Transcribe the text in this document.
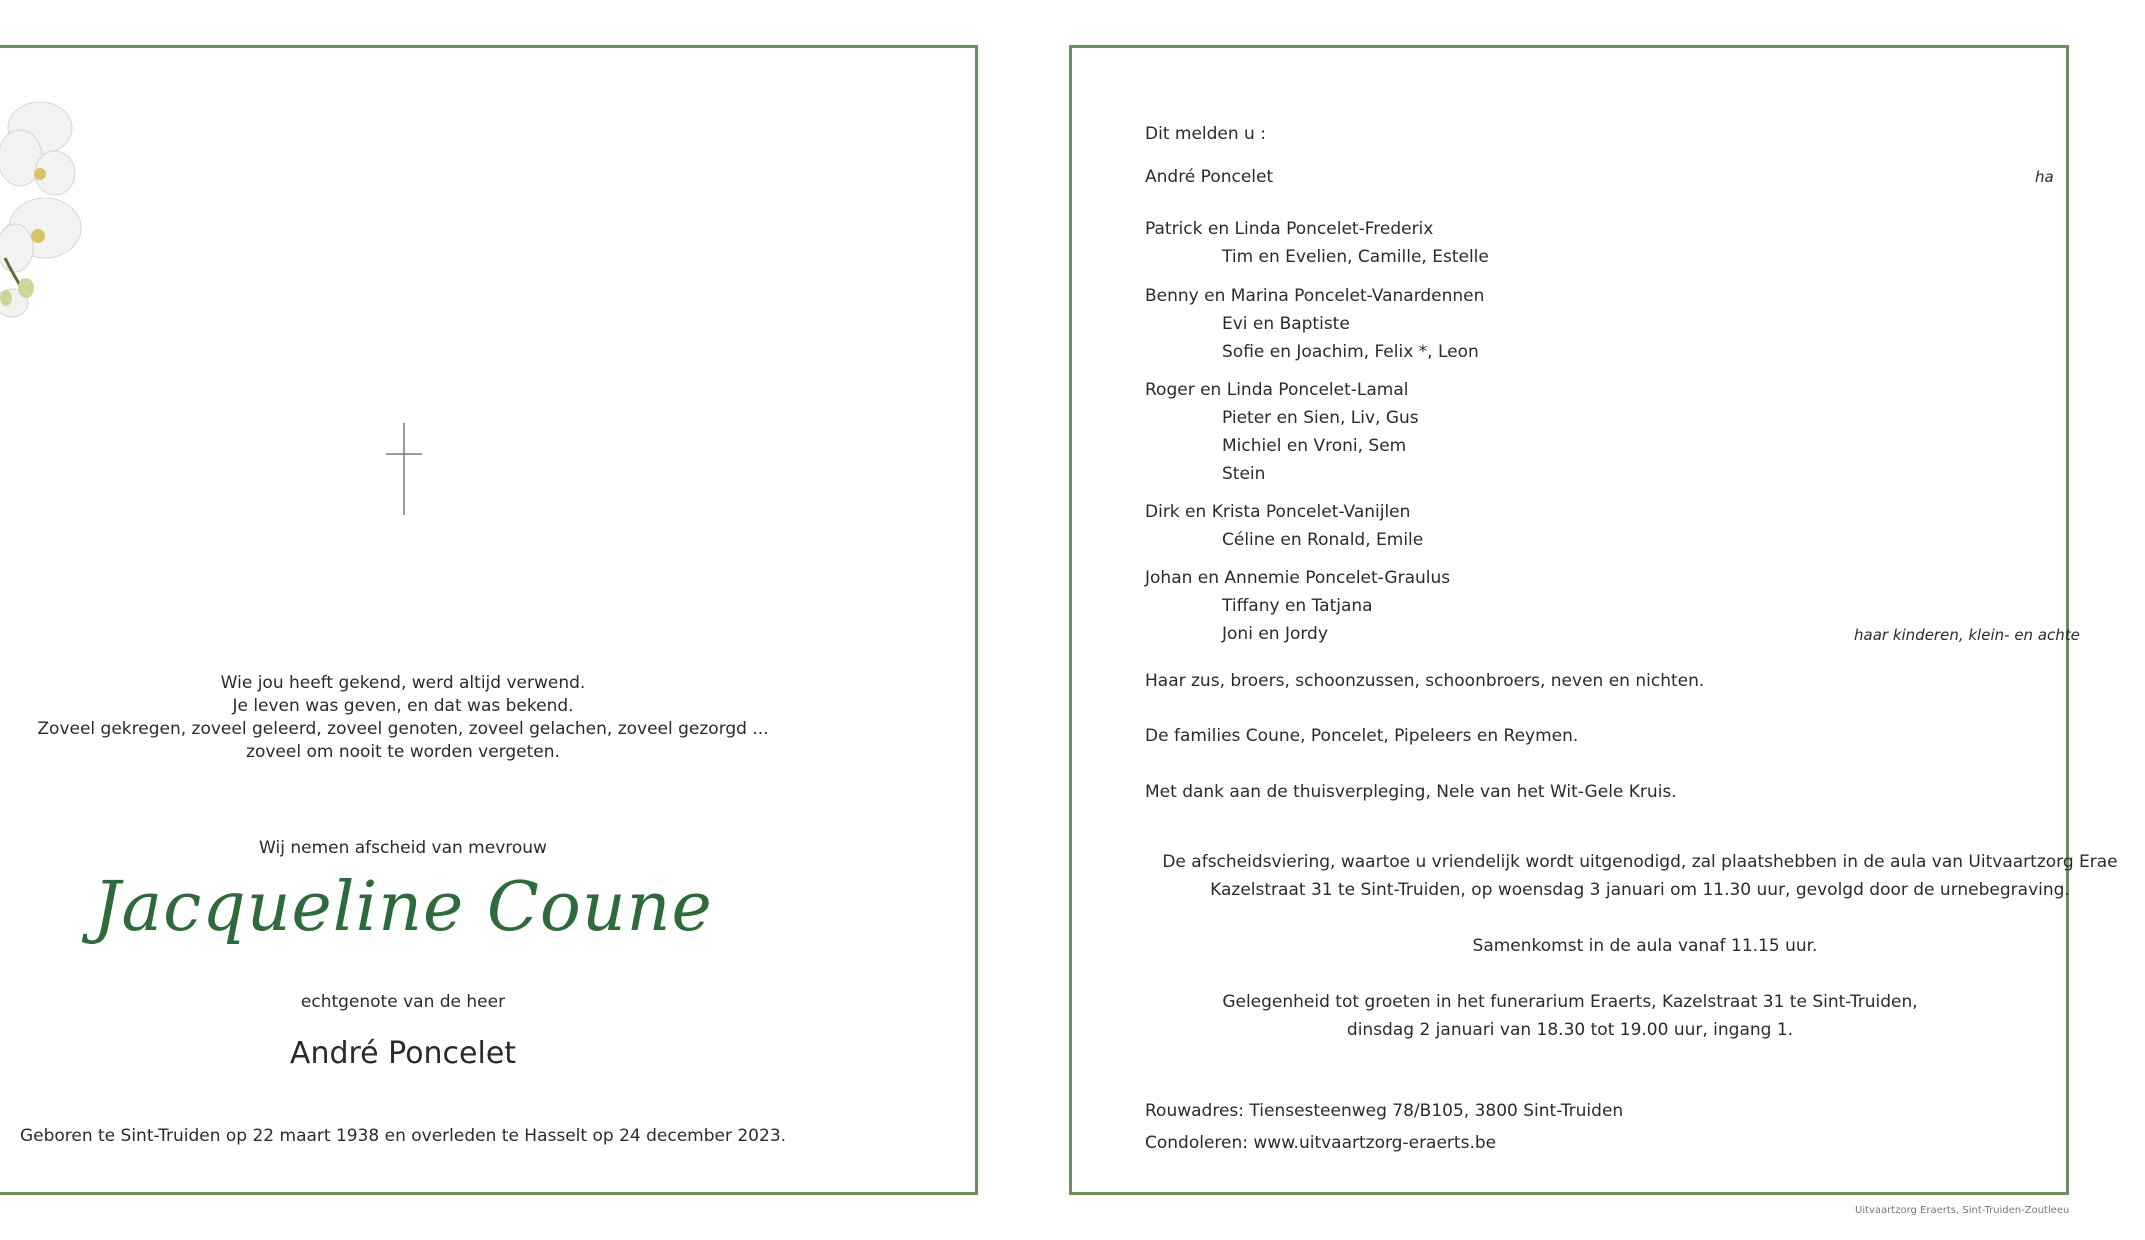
Wie jou heeft gekend, werd altijd verwend.
Je leven was geven, en dat was bekend.
Zoveel gekregen, zoveel geleerd, zoveel genoten, zoveel gelachen, zoveel gezorgd ...
zoveel om nooit te worden vergeten.
Wij nemen afscheid van mevrouw
Jacqueline Coune
echtgenote van de heer
André Poncelet
Geboren te Sint-Truiden op 22 maart 1938 en overleden te Hasselt op 24 december 2023.
Dit melden u :
André Poncelet	ha
Patrick en Linda Poncelet-Frederix
Tim en Evelien, Camille, Estelle
Benny en Marina Poncelet-Vanardennen
Evi en Baptiste
Sofie en Joachim, Felix *, Leon
Roger en Linda Poncelet-Lamal
Pieter en Sien, Liv, Gus
Michiel en Vroni, Sem
Stein
Dirk en Krista Poncelet-Vanijlen
Céline en Ronald, Emile
Johan en Annemie Poncelet-Graulus
Tiffany en Tatjana
Joni en Jordy	haar kinderen, klein- en achte
Haar zus, broers, schoonzussen, schoonbroers, neven en nichten.
De families Coune, Poncelet, Pipeleers en Reymen.
Met dank aan de thuisverpleging, Nele van het Wit-Gele Kruis.
De afscheidsviering, waartoe u vriendelijk wordt uitgenodigd, zal plaatshebben in de aula van Uitvaartzorg Erae
Kazelstraat 31 te Sint-Truiden, op woensdag 3 januari om 11.30 uur, gevolgd door de urnebegraving.
Samenkomst in de aula vanaf 11.15 uur.
Gelegenheid tot groeten in het funerarium Eraerts, Kazelstraat 31 te Sint-Truiden,
dinsdag 2 januari van 18.30 tot 19.00 uur, ingang 1.
Rouwadres: Tiensesteenweg 78/B105, 3800 Sint-Truiden
Condoleren: www.uitvaartzorg-eraerts.be
Uitvaartzorg Eraerts, Sint-Truiden-Zoutleeu
